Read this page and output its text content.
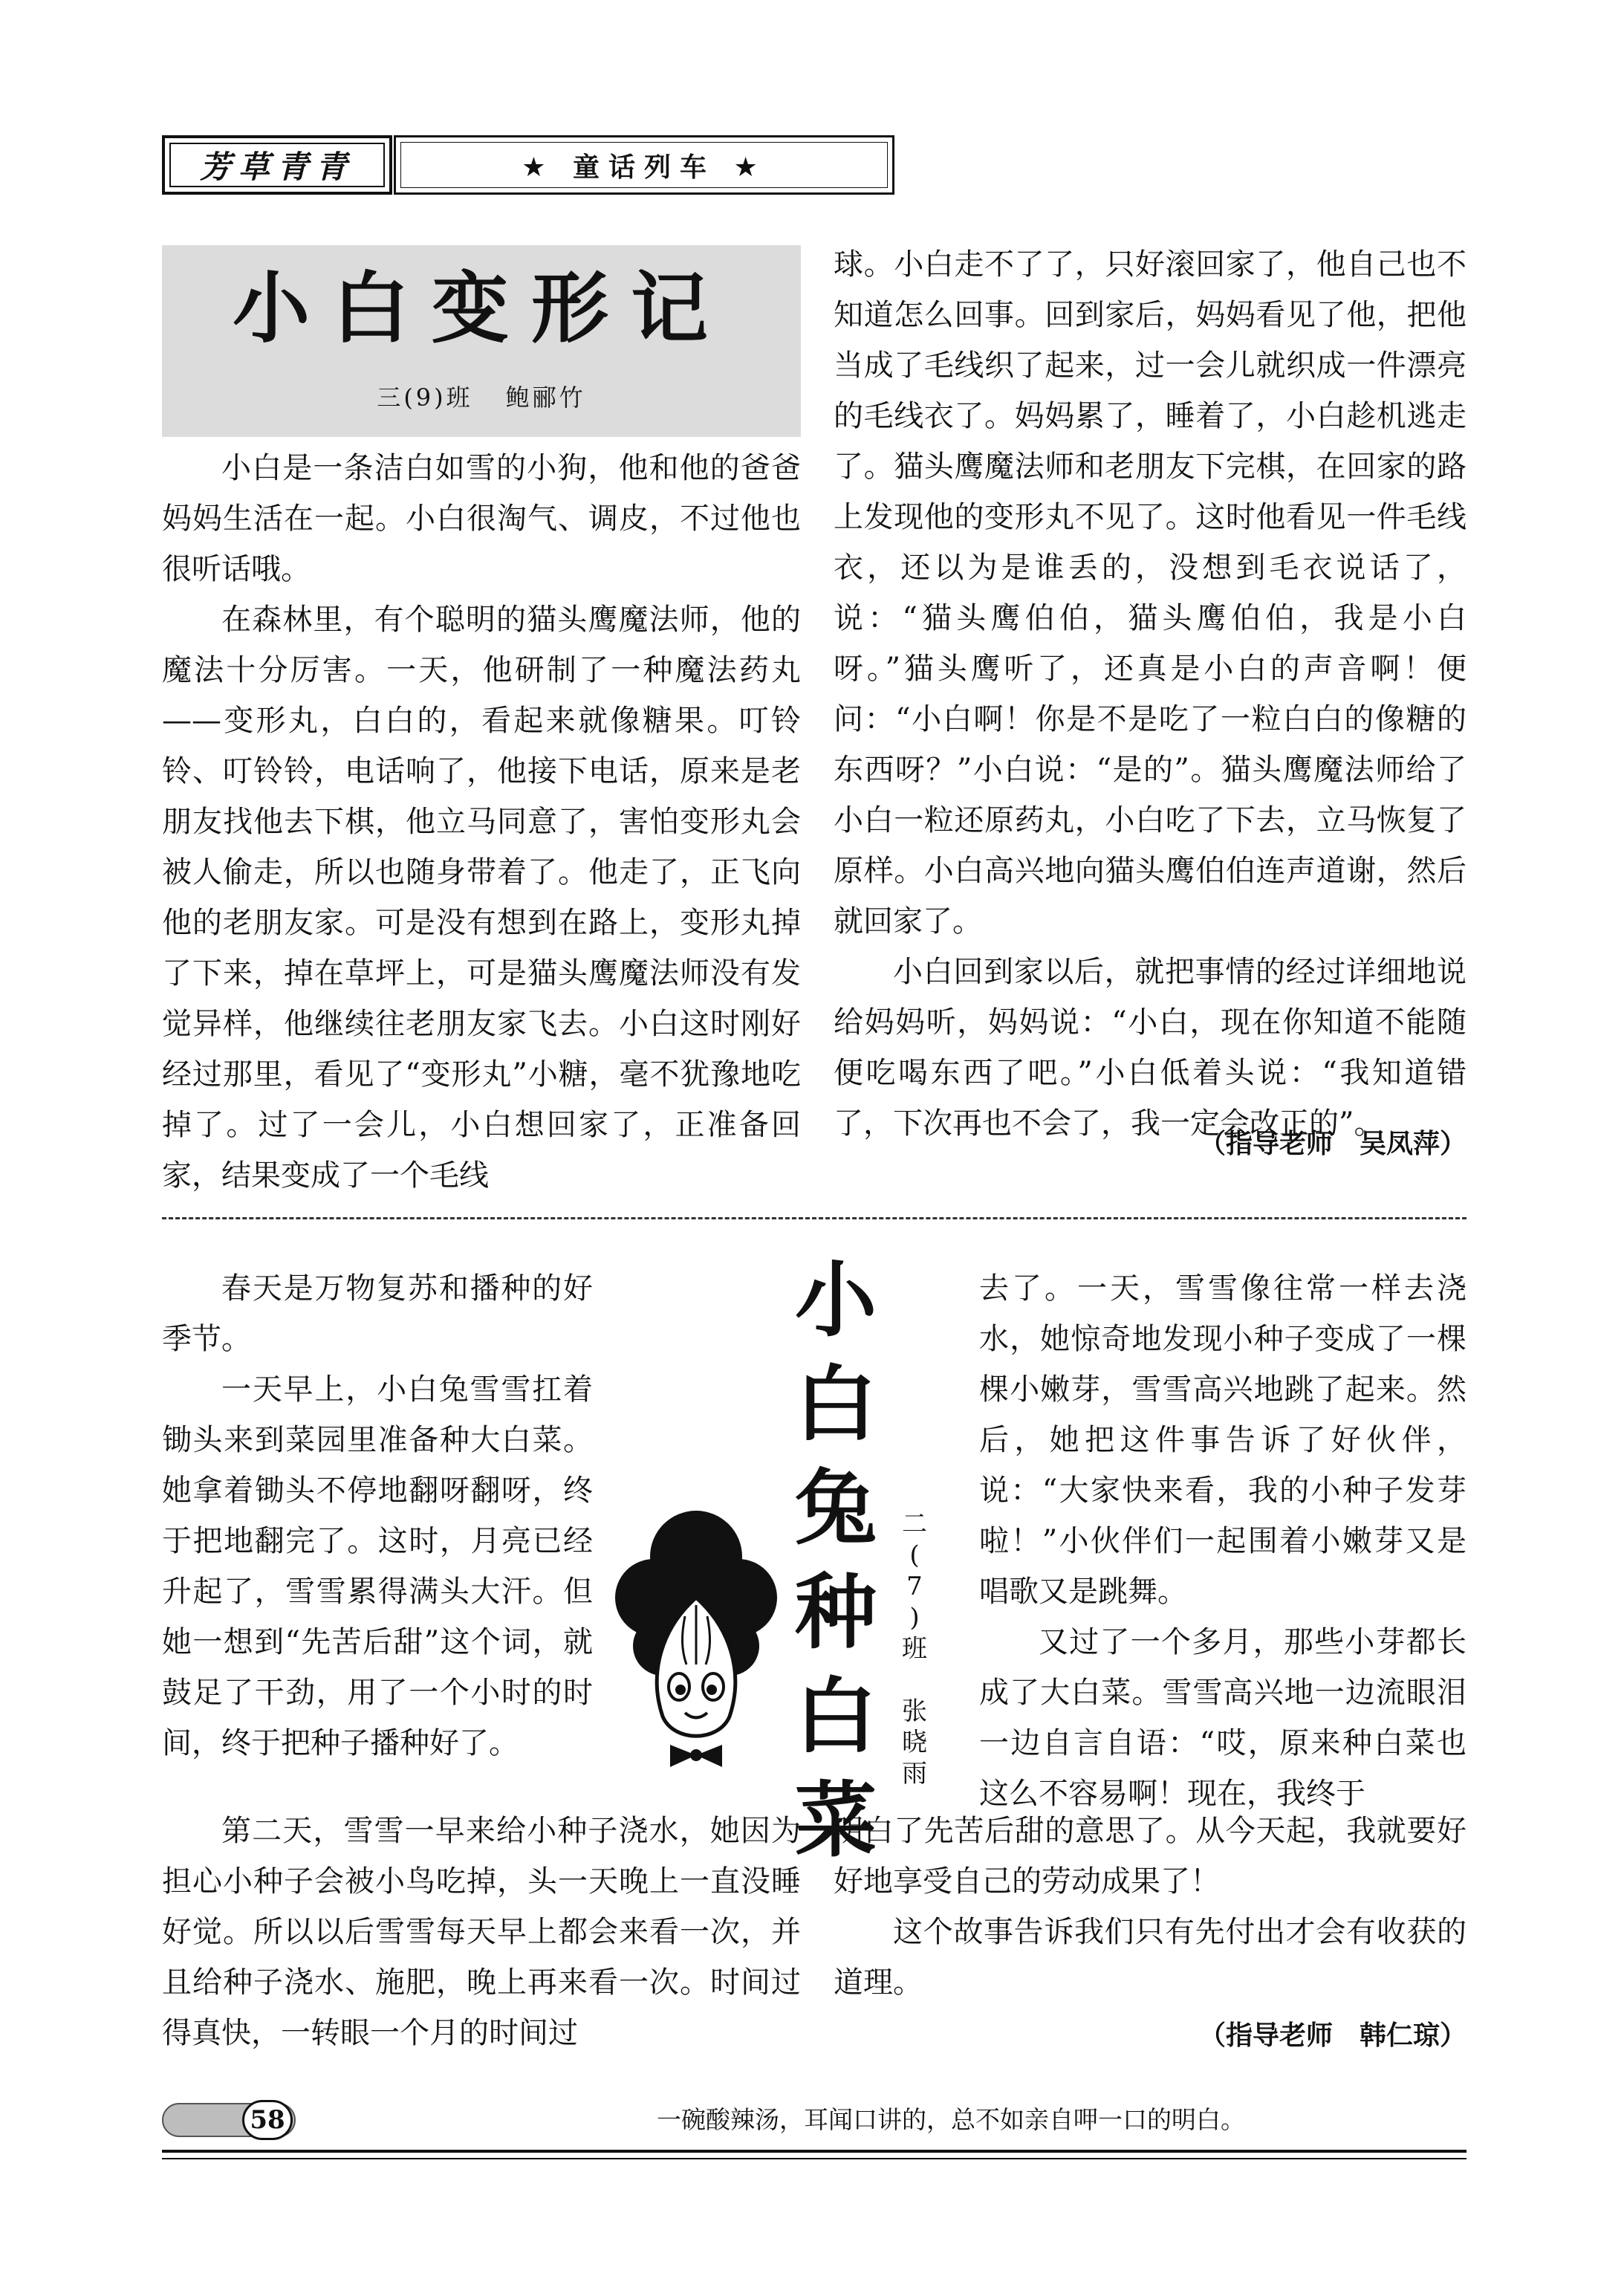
芳草青青	★ 童话列车 ★
小白变形记
三(9)班 鲍郦竹

小白是一条洁白如雪的小狗，他和他的爸爸妈妈生活在一起。小白很淘气、调皮，不过他也很听话哦。

在森林里，有个聪明的猫头鹰魔法师，他的魔法十分厉害。一天，他研制了一种魔法药丸——变形丸，白白的，看起来就像糖果。叮铃铃、叮铃铃，电话响了，他接下电话，原来是老朋友找他去下棋，他立马同意了，害怕变形丸会被人偷走，所以也随身带着了。他走了，正飞向他的老朋友家。可是没有想到在路上，变形丸掉了下来，掉在草坪上，可是猫头鹰魔法师没有发觉异样，他继续往老朋友家飞去。小白这时刚好经过那里，看见了“变形丸”小糖，毫不犹豫地吃掉了。过了一会儿，小白想回家了，正准备回家，结果变成了一个毛线

球。小白走不了了，只好滚回家了，他自己也不知道怎么回事。回到家后，妈妈看见了他，把他当成了毛线织了起来，过一会儿就织成一件漂亮的毛线衣了。妈妈累了，睡着了，小白趁机逃走了。猫头鹰魔法师和老朋友下完棋，在回家的路上发现他的变形丸不见了。这时他看见一件毛线衣，还以为是谁丢的，没想到毛衣说话了，说：“猫头鹰伯伯，猫头鹰伯伯，我是小白呀。”猫头鹰听了，还真是小白的声音啊！便问：“小白啊！你是不是吃了一粒白白的像糖的东西呀？”小白说：“是的”。猫头鹰魔法师给了小白一粒还原药丸，小白吃了下去，立马恢复了原样。小白高兴地向猫头鹰伯伯连声道谢，然后就回家了。

小白回到家以后，就把事情的经过详细地说给妈妈听，妈妈说：“小白，现在你知道不能随便吃喝东西了吧。”小白低着头说：“我知道错了，下次再也不会了，我一定会改正的”。

（指导老师　吴凤萍）

春天是万物复苏和播种的好季节。

一天早上，小白兔雪雪扛着锄头来到菜园里准备种大白菜。她拿着锄头不停地翻呀翻呀，终于把地翻完了。这时，月亮已经升起了，雪雪累得满头大汗。但她一想到“先苦后甜”这个词，就鼓足了干劲，用了一个小时的时间，终于把种子播种好了。

小
白
兔
种
白
菜
二
(
7
)
班
张
晓
雨

去了。一天，雪雪像往常一样去浇水，她惊奇地发现小种子变成了一棵棵小嫩芽，雪雪高兴地跳了起来。然后，她把这件事告诉了好伙伴，说：“大家快来看，我的小种子发芽啦！”小伙伴们一起围着小嫩芽又是唱歌又是跳舞。

又过了一个多月，那些小芽都长成了大白菜。雪雪高兴地一边流眼泪一边自言自语：“哎，原来种白菜也这么不容易啊！现在，我终于

第二天，雪雪一早来给小种子浇水，她因为担心小种子会被小鸟吃掉，头一天晚上一直没睡好觉。所以以后雪雪每天早上都会来看一次，并且给种子浇水、施肥，晚上再来看一次。时间过得真快，一转眼一个月的时间过

明白了先苦后甜的意思了。从今天起，我就要好好地享受自己的劳动成果了！

这个故事告诉我们只有先付出才会有收获的道理。

（指导老师　韩仁琼）
58	一碗酸辣汤，耳闻口讲的，总不如亲自呷一口的明白。
